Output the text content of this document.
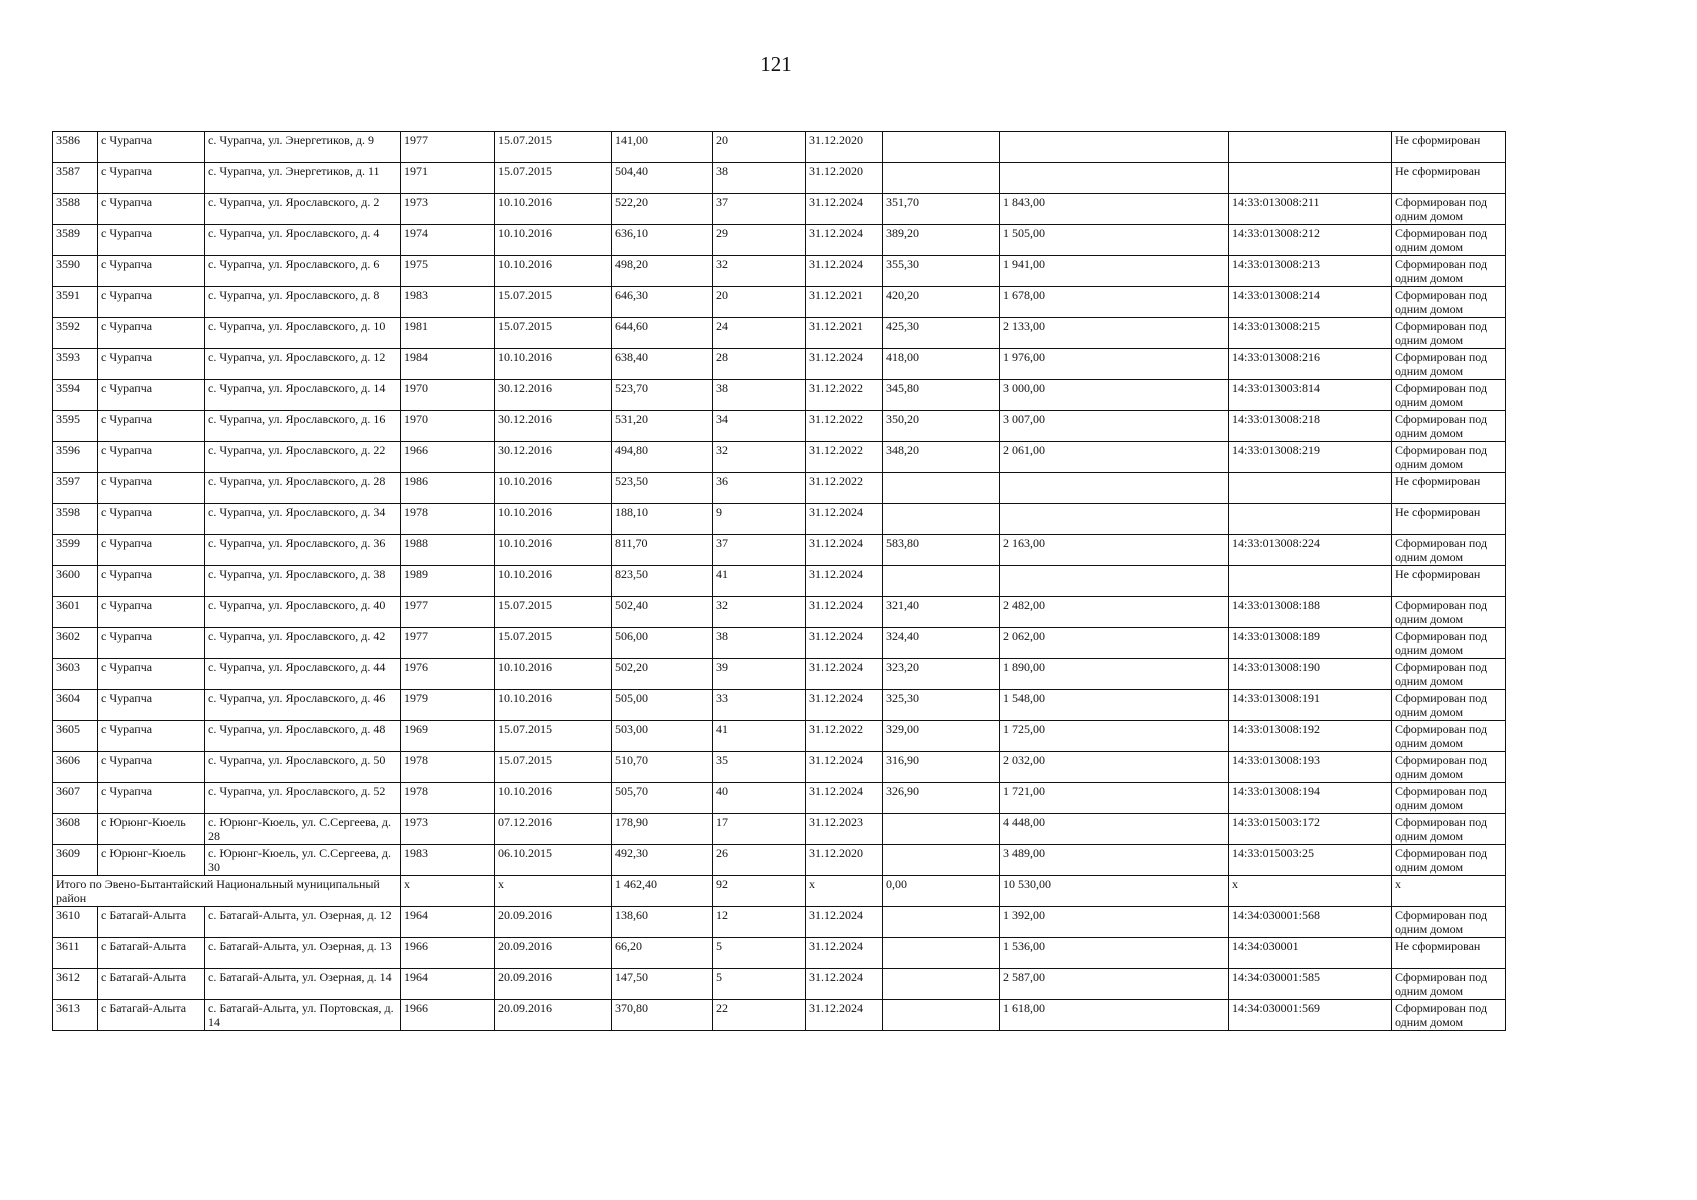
121
3586	с Чурапча	с. Чурапча, ул. Энергетиков, д. 9	1977	15.07.2015	141,00	20	31.12.2020				Не сформирован
3587	с Чурапча	с. Чурапча, ул. Энергетиков, д. 11	1971	15.07.2015	504,40	38	31.12.2020				Не сформирован
3588	с Чурапча	с. Чурапча, ул. Ярославского, д. 2	1973	10.10.2016	522,20	37	31.12.2024	351,70	1 843,00	14:33:013008:211	Сформирован под одним домом
3589	с Чурапча	с. Чурапча, ул. Ярославского, д. 4	1974	10.10.2016	636,10	29	31.12.2024	389,20	1 505,00	14:33:013008:212	Сформирован под одним домом
3590	с Чурапча	с. Чурапча, ул. Ярославского, д. 6	1975	10.10.2016	498,20	32	31.12.2024	355,30	1 941,00	14:33:013008:213	Сформирован под одним домом
3591	с Чурапча	с. Чурапча, ул. Ярославского, д. 8	1983	15.07.2015	646,30	20	31.12.2021	420,20	1 678,00	14:33:013008:214	Сформирован под одним домом
3592	с Чурапча	с. Чурапча, ул. Ярославского, д. 10	1981	15.07.2015	644,60	24	31.12.2021	425,30	2 133,00	14:33:013008:215	Сформирован под одним домом
3593	с Чурапча	с. Чурапча, ул. Ярославского, д. 12	1984	10.10.2016	638,40	28	31.12.2024	418,00	1 976,00	14:33:013008:216	Сформирован под одним домом
3594	с Чурапча	с. Чурапча, ул. Ярославского, д. 14	1970	30.12.2016	523,70	38	31.12.2022	345,80	3 000,00	14:33:013003:814	Сформирован под одним домом
3595	с Чурапча	с. Чурапча, ул. Ярославского, д. 16	1970	30.12.2016	531,20	34	31.12.2022	350,20	3 007,00	14:33:013008:218	Сформирован под одним домом
3596	с Чурапча	с. Чурапча, ул. Ярославского, д. 22	1966	30.12.2016	494,80	32	31.12.2022	348,20	2 061,00	14:33:013008:219	Сформирован под одним домом
3597	с Чурапча	с. Чурапча, ул. Ярославского, д. 28	1986	10.10.2016	523,50	36	31.12.2022				Не сформирован
3598	с Чурапча	с. Чурапча, ул. Ярославского, д. 34	1978	10.10.2016	188,10	9	31.12.2024				Не сформирован
3599	с Чурапча	с. Чурапча, ул. Ярославского, д. 36	1988	10.10.2016	811,70	37	31.12.2024	583,80	2 163,00	14:33:013008:224	Сформирован под одним домом
3600	с Чурапча	с. Чурапча, ул. Ярославского, д. 38	1989	10.10.2016	823,50	41	31.12.2024				Не сформирован
3601	с Чурапча	с. Чурапча, ул. Ярославского, д. 40	1977	15.07.2015	502,40	32	31.12.2024	321,40	2 482,00	14:33:013008:188	Сформирован под одним домом
3602	с Чурапча	с. Чурапча, ул. Ярославского, д. 42	1977	15.07.2015	506,00	38	31.12.2024	324,40	2 062,00	14:33:013008:189	Сформирован под одним домом
3603	с Чурапча	с. Чурапча, ул. Ярославского, д. 44	1976	10.10.2016	502,20	39	31.12.2024	323,20	1 890,00	14:33:013008:190	Сформирован под одним домом
3604	с Чурапча	с. Чурапча, ул. Ярославского, д. 46	1979	10.10.2016	505,00	33	31.12.2024	325,30	1 548,00	14:33:013008:191	Сформирован под одним домом
3605	с Чурапча	с. Чурапча, ул. Ярославского, д. 48	1969	15.07.2015	503,00	41	31.12.2022	329,00	1 725,00	14:33:013008:192	Сформирован под одним домом
3606	с Чурапча	с. Чурапча, ул. Ярославского, д. 50	1978	15.07.2015	510,70	35	31.12.2024	316,90	2 032,00	14:33:013008:193	Сформирован под одним домом
3607	с Чурапча	с. Чурапча, ул. Ярославского, д. 52	1978	10.10.2016	505,70	40	31.12.2024	326,90	1 721,00	14:33:013008:194	Сформирован под одним домом
3608	с Юрюнг-Кюель	с. Юрюнг-Кюель, ул. С.Сергеева, д. 28	1973	07.12.2016	178,90	17	31.12.2023		4 448,00	14:33:015003:172	Сформирован под одним домом
3609	с Юрюнг-Кюель	с. Юрюнг-Кюель, ул. С.Сергеева, д. 30	1983	06.10.2015	492,30	26	31.12.2020		3 489,00	14:33:015003:25	Сформирован под одним домом
Итого по Эвено-Бытантайский Национальный муниципальный район			х	х	1 462,40	92	х	0,00	10 530,00	х	х
3610	с Батагай-Алыта	с. Батагай-Алыта, ул. Озерная, д. 12	1964	20.09.2016	138,60	12	31.12.2024		1 392,00	14:34:030001:568	Сформирован под одним домом
3611	с Батагай-Алыта	с. Батагай-Алыта, ул. Озерная, д. 13	1966	20.09.2016	66,20	5	31.12.2024		1 536,00	14:34:030001	Не сформирован
3612	с Батагай-Алыта	с. Батагай-Алыта, ул. Озерная, д. 14	1964	20.09.2016	147,50	5	31.12.2024		2 587,00	14:34:030001:585	Сформирован под одним домом
3613	с Батагай-Алыта	с. Батагай-Алыта, ул. Портовская, д. 14	1966	20.09.2016	370,80	22	31.12.2024		1 618,00	14:34:030001:569	Сформирован под одним домом
